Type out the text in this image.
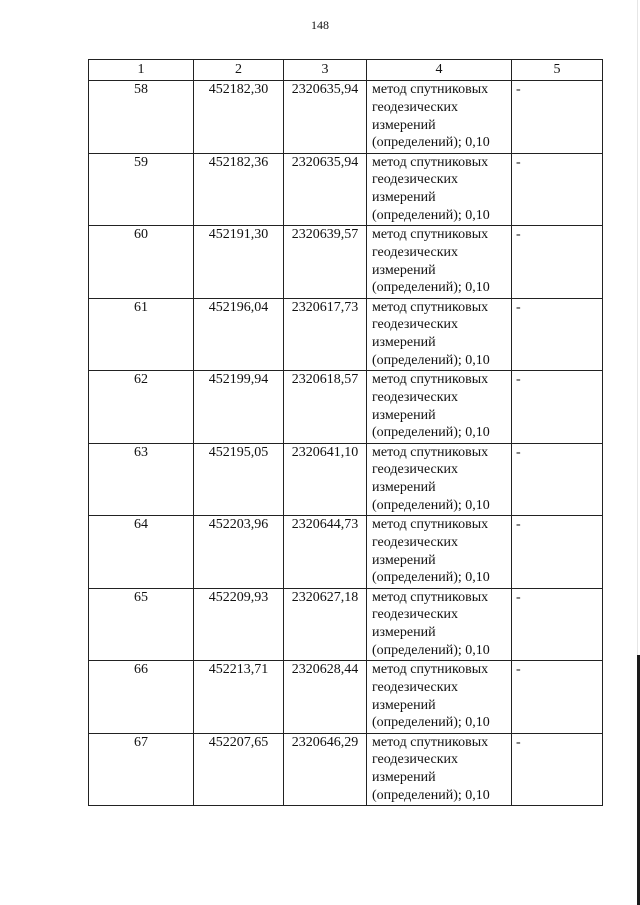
148
1	2	3	4	5
58	452182,30	2320635,94	метод спутниковых
геодезических
измерений
(определений); 0,10	-
59	452182,36	2320635,94	метод спутниковых
геодезических
измерений
(определений); 0,10	-
60	452191,30	2320639,57	метод спутниковых
геодезических
измерений
(определений); 0,10	-
61	452196,04	2320617,73	метод спутниковых
геодезических
измерений
(определений); 0,10	-
62	452199,94	2320618,57	метод спутниковых
геодезических
измерений
(определений); 0,10	-
63	452195,05	2320641,10	метод спутниковых
геодезических
измерений
(определений); 0,10	-
64	452203,96	2320644,73	метод спутниковых
геодезических
измерений
(определений); 0,10	-
65	452209,93	2320627,18	метод спутниковых
геодезических
измерений
(определений); 0,10	-
66	452213,71	2320628,44	метод спутниковых
геодезических
измерений
(определений); 0,10	-
67	452207,65	2320646,29	метод спутниковых
геодезических
измерений
(определений); 0,10	-
